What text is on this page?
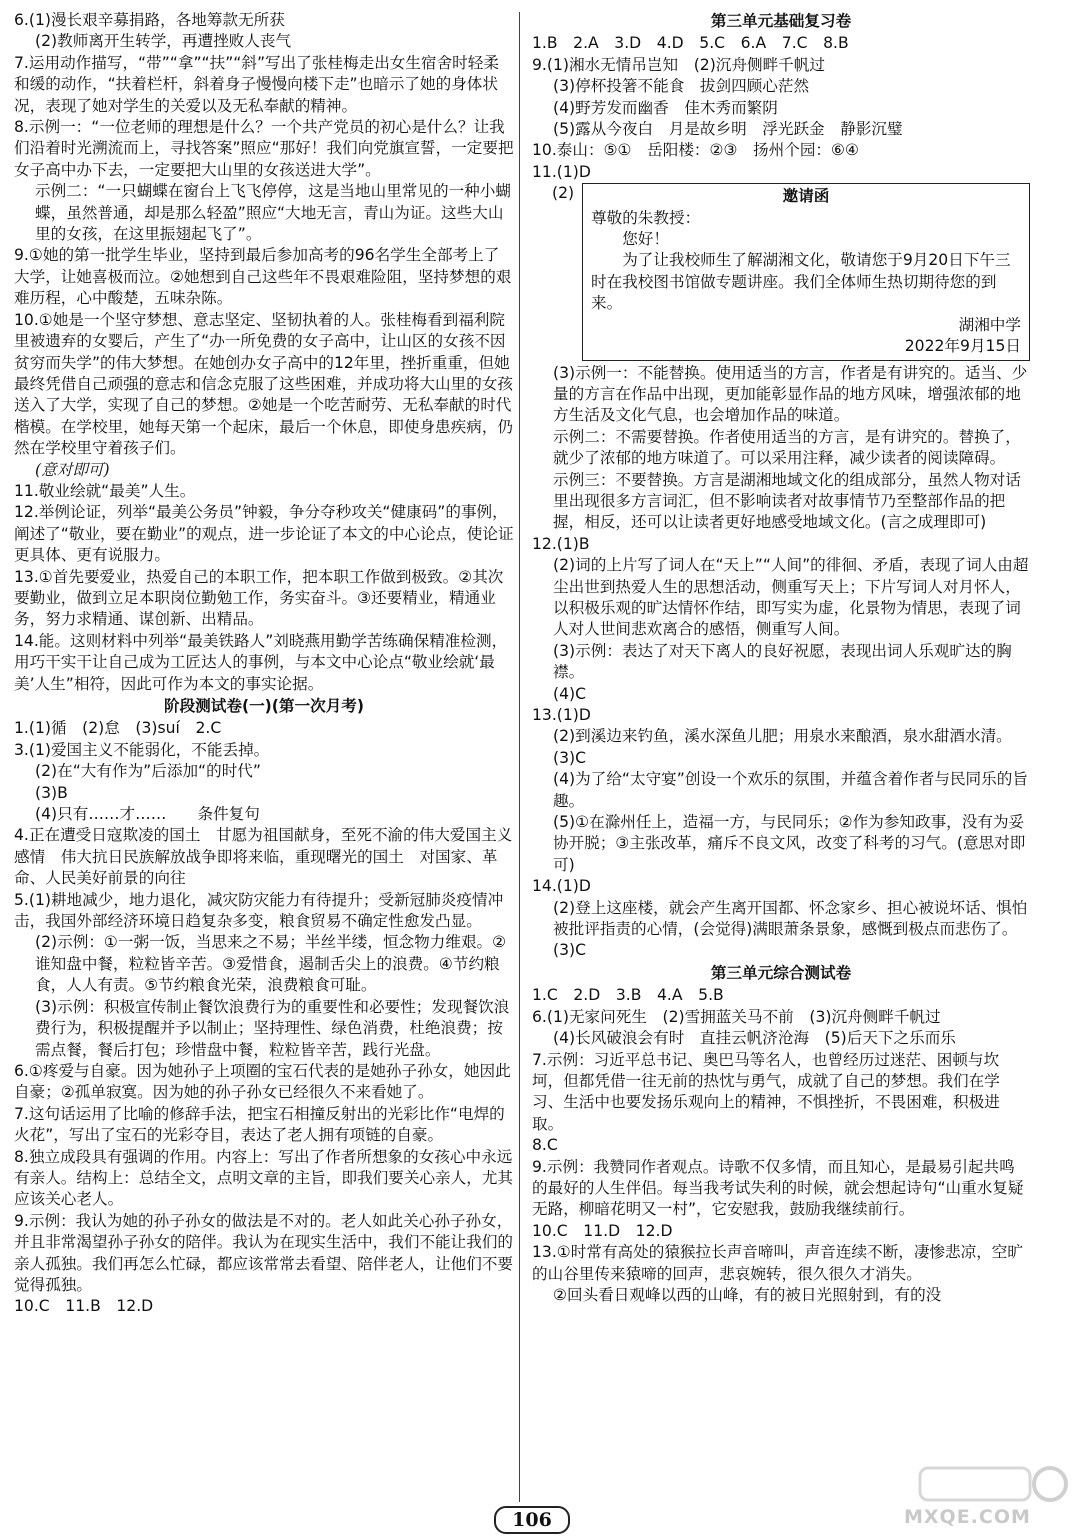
6.(1)漫长艰辛募捐路，各地筹款无所获
(2)教师离开生转学，再遭挫败人丧气
7.运用动作描写，“带”“拿”“扶”“斜”写出了张桂梅走出女生宿舍时轻柔和缓的动作，“扶着栏杆，斜着身子慢慢向楼下走”也暗示了她的身体状况，表现了她对学生的关爱以及无私奉献的精神。
8.示例一：“一位老师的理想是什么？一个共产党员的初心是什么？让我们沿着时光溯流而上，寻找答案”照应“那好！我们向党旗宣誓，一定要把女子高中办下去，一定要把大山里的女孩送进大学”。
示例二：“一只蝴蝶在窗台上飞飞停停，这是当地山里常见的一种小蝴蝶，虽然普通，却是那么轻盈”照应“大地无言，青山为证。这些大山里的女孩，在这里振翅起飞了”。
9.①她的第一批学生毕业，坚持到最后参加高考的96名学生全部考上了大学，让她喜极而泣。②她想到自己这些年不畏艰难险阻，坚持梦想的艰难历程，心中酸楚，五味杂陈。
10.①她是一个坚守梦想、意志坚定、坚韧执着的人。张桂梅看到福利院里被遗弃的女婴后，产生了“办一所免费的女子高中，让山区的女孩不因贫穷而失学”的伟大梦想。在她创办女子高中的12年里，挫折重重，但她最终凭借自己顽强的意志和信念克服了这些困难，并成功将大山里的女孩送入了大学，实现了自己的梦想。②她是一个吃苦耐劳、无私奉献的时代楷模。在学校里，她每天第一个起床，最后一个休息，即使身患疾病，仍然在学校里守着孩子们。
(意对即可)
11.敬业绘就“最美”人生。
12.举例论证，列举“最美公务员”钟毅，争分夺秒攻关“健康码”的事例，阐述了“敬业，要在勤业”的观点，进一步论证了本文的中心论点，使论证更具体、更有说服力。
13.①首先要爱业，热爱自己的本职工作，把本职工作做到极致。②其次要勤业，做到立足本职岗位勤勉工作，务实奋斗。③还要精业，精通业务，努力求精通、谋创新、出精品。
14.能。这则材料中列举“最美铁路人”刘晓燕用勤学苦练确保精准检测，用巧干实干让自己成为工匠达人的事例，与本文中心论点“敬业绘就‘最美’人生”相符，因此可作为本文的事实论据。
阶段测试卷(一)(第一次月考)
1.(1)循　(2)怠　(3)suí　2.C
3.(1)爱国主义不能弱化，不能丢掉。
(2)在“大有作为”后添加“的时代”
(3)B
(4)只有……才……　　条件复句
4.正在遭受日寇欺凌的国土　甘愿为祖国献身，至死不渝的伟大爱国主义感情　伟大抗日民族解放战争即将来临，重现曙光的国土　对国家、革命、人民美好前景的向往
5.(1)耕地减少，地力退化，减灾防灾能力有待提升；受新冠肺炎疫情冲击，我国外部经济环境日趋复杂多变，粮食贸易不确定性愈发凸显。
(2)示例：①一粥一饭，当思来之不易；半丝半缕，恒念物力维艰。②谁知盘中餐，粒粒皆辛苦。③爱惜食，遏制舌尖上的浪费。④节约粮食，人人有责。⑤节约粮食光荣，浪费粮食可耻。
(3)示例：积极宣传制止餐饮浪费行为的重要性和必要性；发现餐饮浪费行为，积极提醒并予以制止；坚持理性、绿色消费，杜绝浪费；按需点餐，餐后打包；珍惜盘中餐，粒粒皆辛苦，践行光盘。
6.①疼爱与自豪。因为她孙子上项圈的宝石代表的是她孙子孙女，她因此自豪；②孤单寂寞。因为她的孙子孙女已经很久不来看她了。
7.这句话运用了比喻的修辞手法，把宝石相撞反射出的光彩比作“电焊的火花”，写出了宝石的光彩夺目，表达了老人拥有项链的自豪。
8.独立成段具有强调的作用。内容上：写出了作者所想象的女孩心中永远有亲人。结构上：总结全文，点明文章的主旨，即我们要关心亲人，尤其应该关心老人。
9.示例：我认为她的孙子孙女的做法是不对的。老人如此关心孙子孙女，并且非常渴望孙子孙女的陪伴。我认为在现实生活中，我们不能让我们的亲人孤独。我们再怎么忙碌，都应该常常去看望、陪伴老人，让他们不要觉得孤独。
10.C　11.B　12.D
第三单元基础复习卷
1.B　2.A　3.D　4.D　5.C　6.A　7.C　8.B
9.(1)湘水无情吊岂知　(2)沉舟侧畔千帆过
(3)停杯投箸不能食　拔剑四顾心茫然
(4)野芳发而幽香　佳木秀而繁阴
(5)露从今夜白　月是故乡明　浮光跃金　静影沉璧
10.泰山：⑤①　岳阳楼：②③　扬州个园：⑥④
11.(1)D
(2)	邀请函
尊敬的朱教授：
您好！
为了让我校师生了解湖湘文化，敬请您于9月20日下午三时在我校图书馆做专题讲座。我们全体师生热切期待您的到来。
湖湘中学
2022年9月15日
(3)示例一：不能替换。使用适当的方言，作者是有讲究的。适当、少量的方言在作品中出现，更加能彰显作品的地方风味，增强浓郁的地方生活及文化气息，也会增加作品的味道。
示例二：不需要替换。作者使用适当的方言，是有讲究的。替换了，就少了浓郁的地方味道了。可以采用注释，减少读者的阅读障碍。
示例三：不要替换。方言是湖湘地域文化的组成部分，虽然人物对话里出现很多方言词汇，但不影响读者对故事情节乃至整部作品的把握，相反，还可以让读者更好地感受地域文化。(言之成理即可)
12.(1)B
(2)词的上片写了词人在“天上”“人间”的徘徊、矛盾，表现了词人由超尘出世到热爱人生的思想活动，侧重写天上；下片写词人对月怀人，以积极乐观的旷达情怀作结，即写实为虚，化景物为情思，表现了词人对人世间悲欢离合的感悟，侧重写人间。
(3)示例：表达了对天下离人的良好祝愿，表现出词人乐观旷达的胸襟。
(4)C
13.(1)D
(2)到溪边来钓鱼，溪水深鱼儿肥；用泉水来酿酒，泉水甜酒水清。
(3)C
(4)为了给“太守宴”创设一个欢乐的氛围，并蕴含着作者与民同乐的旨趣。
(5)①在滁州任上，造福一方，与民同乐；②作为参知政事，没有为妥协开脱；③主张改革，痛斥不良文风，改变了科考的习气。(意思对即可)
14.(1)D
(2)登上这座楼，就会产生离开国都、怀念家乡、担心被说坏话、惧怕被批评指责的心情，(会觉得)满眼萧条景象，感慨到极点而悲伤了。
(3)C
第三单元综合测试卷
1.C　2.D　3.B　4.A　5.B
6.(1)无家问死生　(2)雪拥蓝关马不前　(3)沉舟侧畔千帆过
(4)长风破浪会有时　直挂云帆济沧海　(5)后天下之乐而乐
7.示例：习近平总书记、奥巴马等名人，也曾经历过迷茫、困顿与坎坷，但都凭借一往无前的热忱与勇气，成就了自己的梦想。我们在学习、生活中也要发扬乐观向上的精神，不惧挫折，不畏困难，积极进取。
8.C
9.示例：我赞同作者观点。诗歌不仅多情，而且知心，是最易引起共鸣的最好的人生伴侣。每当我考试失利的时候，就会想起诗句“山重水复疑无路，柳暗花明又一村”，它安慰我，鼓励我继续前行。
10.C　11.D　12.D
13.①时常有高处的猿猴拉长声音啼叫，声音连续不断，凄惨悲凉，空旷的山谷里传来猿啼的回声，悲哀婉转，很久很久才消失。
②回头看日观峰以西的山峰，有的被日光照射到，有的没
106	MXQE.COM
